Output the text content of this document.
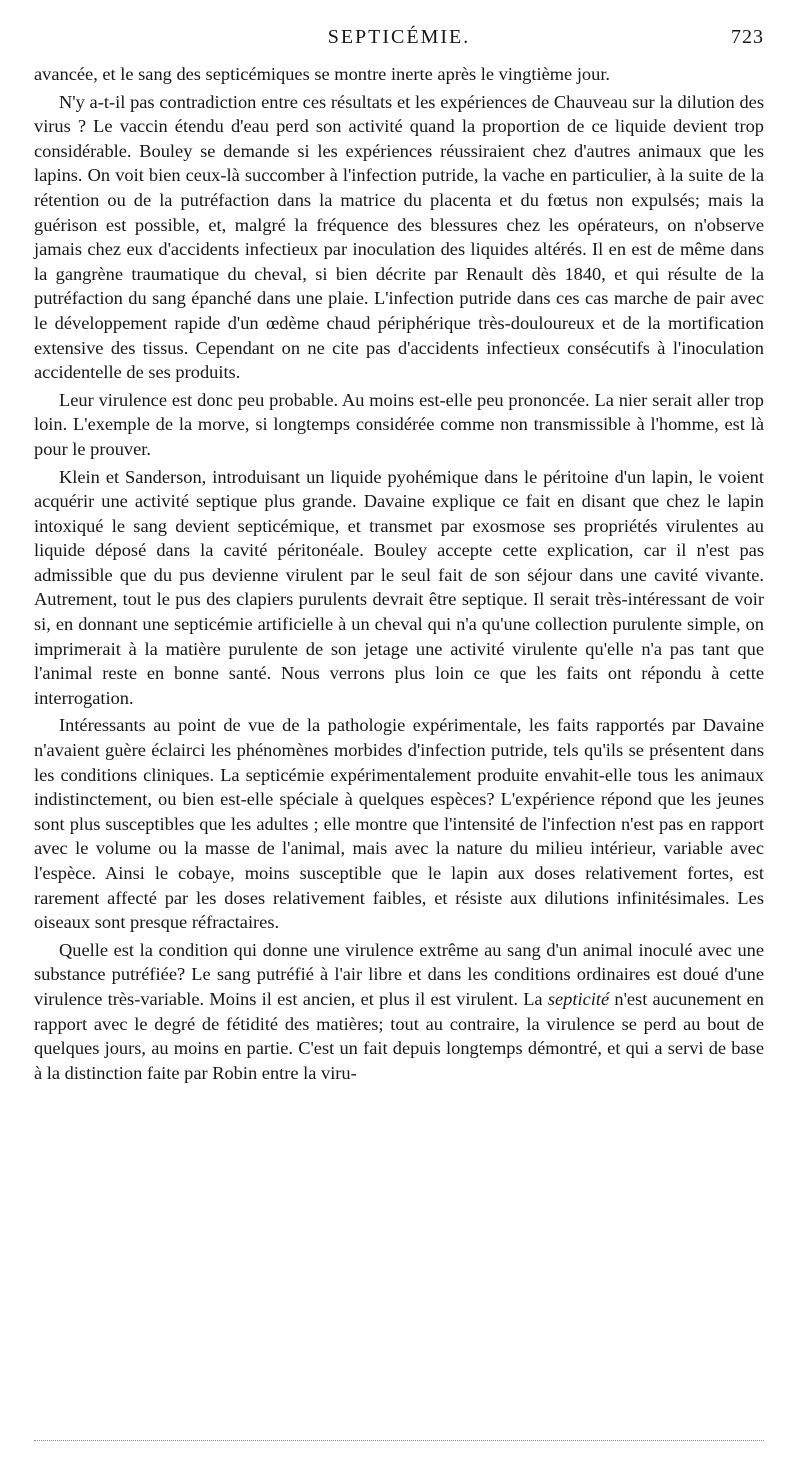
SEPTICÉMIE.	723

avancée, et le sang des septicémiques se montre inerte après le vingtième jour.

N'y a-t-il pas contradiction entre ces résultats et les expériences de Chauveau sur la dilution des virus ? Le vaccin étendu d'eau perd son activité quand la proportion de ce liquide devient trop considérable. Bouley se demande si les expériences réussiraient chez d'autres animaux que les lapins. On voit bien ceux-là succomber à l'infection putride, la vache en particulier, à la suite de la rétention ou de la putréfaction dans la matrice du placenta et du fœtus non expulsés; mais la guérison est possible, et, malgré la fréquence des blessures chez les opérateurs, on n'observe jamais chez eux d'accidents infectieux par inoculation des liquides altérés. Il en est de même dans la gangrène traumatique du cheval, si bien décrite par Renault dès 1840, et qui résulte de la putréfaction du sang épanché dans une plaie. L'infection putride dans ces cas marche de pair avec le développement rapide d'un œdème chaud périphérique très-douloureux et de la mortification extensive des tissus. Cependant on ne cite pas d'accidents infectieux consécutifs à l'inoculation accidentelle de ses produits.

Leur virulence est donc peu probable. Au moins est-elle peu prononcée. La nier serait aller trop loin. L'exemple de la morve, si longtemps considérée comme non transmissible à l'homme, est là pour le prouver.

Klein et Sanderson, introduisant un liquide pyohémique dans le péritoine d'un lapin, le voient acquérir une activité septique plus grande. Davaine explique ce fait en disant que chez le lapin intoxiqué le sang devient septicémique, et transmet par exosmose ses propriétés virulentes au liquide déposé dans la cavité péritonéale. Bouley accepte cette explication, car il n'est pas admissible que du pus devienne virulent par le seul fait de son séjour dans une cavité vivante. Autrement, tout le pus des clapiers purulents devrait être septique. Il serait très-intéressant de voir si, en donnant une septicémie artificielle à un cheval qui n'a qu'une collection purulente simple, on imprimerait à la matière purulente de son jetage une activité virulente qu'elle n'a pas tant que l'animal reste en bonne santé. Nous verrons plus loin ce que les faits ont répondu à cette interrogation.

Intéressants au point de vue de la pathologie expérimentale, les faits rapportés par Davaine n'avaient guère éclairci les phénomènes morbides d'infection putride, tels qu'ils se présentent dans les conditions cliniques. La septicémie expérimentalement produite envahit-elle tous les animaux indistinctement, ou bien est-elle spéciale à quelques espèces? L'expérience répond que les jeunes sont plus susceptibles que les adultes ; elle montre que l'intensité de l'infection n'est pas en rapport avec le volume ou la masse de l'animal, mais avec la nature du milieu intérieur, variable avec l'espèce. Ainsi le cobaye, moins susceptible que le lapin aux doses relativement fortes, est rarement affecté par les doses relativement faibles, et résiste aux dilutions infinitésimales. Les oiseaux sont presque réfractaires.

Quelle est la condition qui donne une virulence extrême au sang d'un animal inoculé avec une substance putréfiée? Le sang putréfié à l'air libre et dans les conditions ordinaires est doué d'une virulence très-variable. Moins il est ancien, et plus il est virulent. La septicité n'est aucunement en rapport avec le degré de fétidité des matières; tout au contraire, la virulence se perd au bout de quelques jours, au moins en partie. C'est un fait depuis longtemps démontré, et qui a servi de base à la distinction faite par Robin entre la viru-
